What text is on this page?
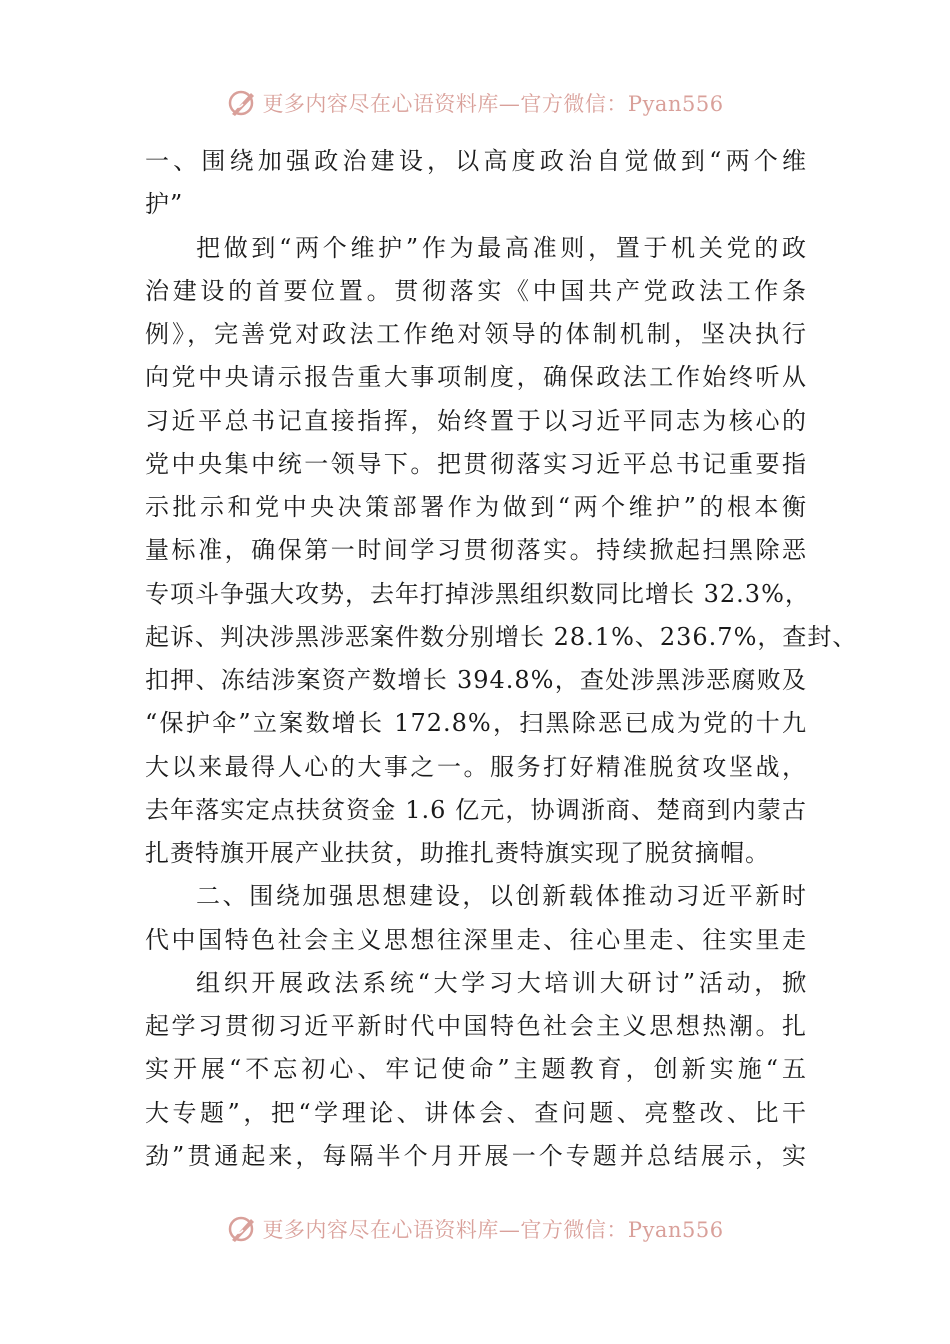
更多内容尽在心语资料库—官方微信：Pyan556
一、围绕加强政治建设，以高度政治自觉做到“两个维
护”
把做到“两个维护”作为最高准则，置于机关党的政
治建设的首要位置。贯彻落实《中国共产党政法工作条
例》，完善党对政法工作绝对领导的体制机制，坚决执行
向党中央请示报告重大事项制度，确保政法工作始终听从
习近平总书记直接指挥，始终置于以习近平同志为核心的
党中央集中统一领导下。把贯彻落实习近平总书记重要指
示批示和党中央决策部署作为做到“两个维护”的根本衡
量标准，确保第一时间学习贯彻落实。持续掀起扫黑除恶
专项斗争强大攻势，去年打掉涉黑组织数同比增长 32.3%，
起诉、判决涉黑涉恶案件数分别增长 28.1%、236.7%，查封、
扣押、冻结涉案资产数增长 394.8%，查处涉黑涉恶腐败及
“保护伞”立案数增长 172.8%，扫黑除恶已成为党的十九
大以来最得人心的大事之一。服务打好精准脱贫攻坚战，
去年落实定点扶贫资金 1.6 亿元，协调浙商、楚商到内蒙古
扎赉特旗开展产业扶贫，助推扎赉特旗实现了脱贫摘帽。
二、围绕加强思想建设，以创新载体推动习近平新时
代中国特色社会主义思想往深里走、往心里走、往实里走
组织开展政法系统“大学习大培训大研讨”活动，掀
起学习贯彻习近平新时代中国特色社会主义思想热潮。扎
实开展“不忘初心、牢记使命”主题教育，创新实施“五
大专题”，把“学理论、讲体会、查问题、亮整改、比干
劲”贯通起来，每隔半个月开展一个专题并总结展示，实
更多内容尽在心语资料库—官方微信：Pyan556
